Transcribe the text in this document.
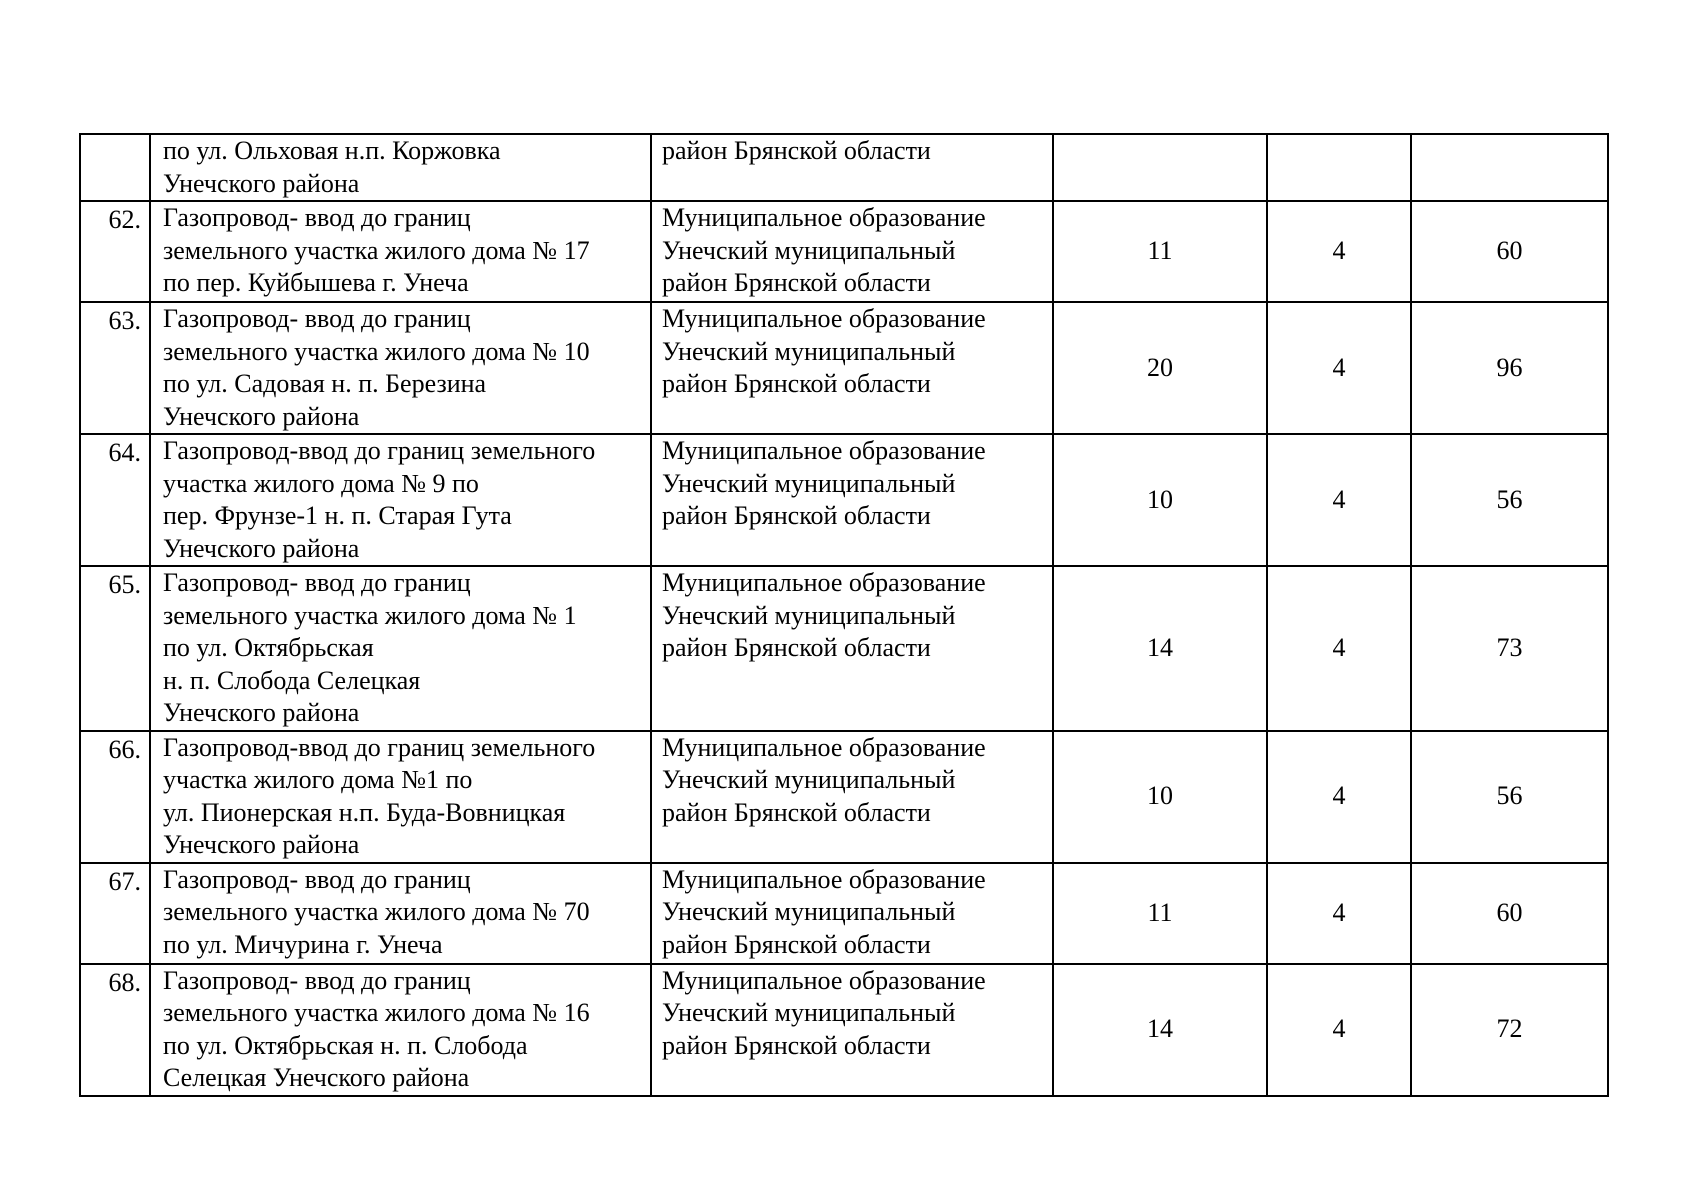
	по ул. Ольховая н.п. Коржовка
Унечского района	район Брянской области			

62.	Газопровод- ввод до границ
земельного участка жилого дома № 17
по пер. Куйбышева г. Унеча	Муниципальное образование
Унечский муниципальный
район Брянской области	11	4	60
63.	Газопровод- ввод до границ
земельного участка жилого дома № 10
по ул. Садовая н. п. Березина
Унечского района	Муниципальное образование
Унечский муниципальный
район Брянской области	20	4	96
64.	Газопровод-ввод до границ земельного
участка жилого дома № 9 по
пер. Фрунзе-1 н. п. Старая Гута
Унечского района	Муниципальное образование
Унечский муниципальный
район Брянской области	10	4	56
65.	Газопровод- ввод до границ
земельного участка жилого дома № 1
по ул. Октябрьская
н. п. Слобода Селецкая
Унечского района	Муниципальное образование
Унечский муниципальный
район Брянской области	14	4	73
66.	Газопровод-ввод до границ земельного
участка жилого дома №1 по
ул. Пионерская н.п. Буда-Вовницкая
Унечского района	Муниципальное образование
Унечский муниципальный
район Брянской области	10	4	56
67.	Газопровод- ввод до границ
земельного участка жилого дома № 70
по ул. Мичурина г. Унеча	Муниципальное образование
Унечский муниципальный
район Брянской области	11	4	60
68.	Газопровод- ввод до границ
земельного участка жилого дома № 16
по ул. Октябрьская н. п. Слобода
Селецкая Унечского района	Муниципальное образование
Унечский муниципальный
район Брянской области	14	4	72
